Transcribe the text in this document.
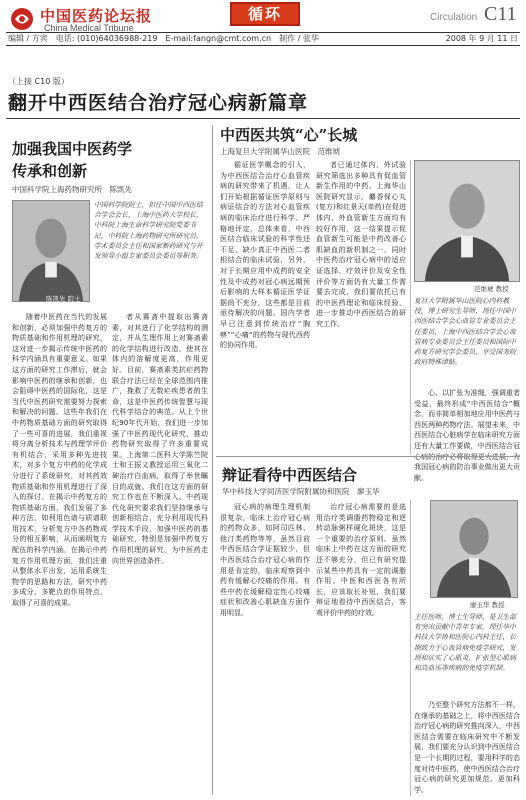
中国医药论坛报
China Medical Tribune
循环	Circulation C11
编辑 / 方宾　电话: (010)64036988-219　E-mail:fangn@cmt.com.cn　制作 / 张华	2008 年 9 月 11 日
（上接 C10 版）
翻开中西医结合治疗冠心病新篇章
加强我国中医药学
传承和创新
中国科学院上海药物研究所　陈凯先
陈凯先 院士
中国科学院院士，担任中国中西医结合学会会长，上海中医药大学校长，中科院上海生命科学研究院党委书记，中科院上海药物研究所研究员，学术委员会主任和国家新药研究与开发领导小组专家委员会委员等职务。
随着中医药在当代的发展和创新，必须加强中药复方的物质基础和作用机理的研究，这对进一步揭示传统中医药的科学内涵具有重要意义。如果这方面的研究工作滞后，就会影响中医药的继承和创新，也会阻碍中医药的国际化，这是当代中医药研究需要努力探索和解决的问题。这些年我们在中药物质基础方面的研究取得了一些可喜的进展，我们重视将分离分析技术与药理学评价有机结合，采用多种先进技术，对多个复方中药的化学成分进行了系统研究，对其药效物质基础和作用机理进行了深入的探讨。在揭示中药复方的物质基础方面，我们发展了多种方法，如利用色谱与质谱联用技术，分析复方中各药物成分的相互影响，从而阐明复方配伍的科学内涵。在揭示中药复方作用机理方面，我们注重从整体水平出发，运用系统生物学的思路和方法，研究中药多成分、多靶点的作用特点，取得了可喜的成果。
者从赛斋中提取出赛斋素，对其进行了化学结构的测定，并从生理作用上对赛斋素的化学结构进行改造，使其在体内的溶解度更高，作用更好。目前，赛斋素类抗疟药物联合疗法已经在全球范围内推广，挽救了无数疟疾患者的生命，这是中医药传统智慧与现代科学结合的典范。从上个世纪90年代开始，我们进一步加强了中医药现代化研究，推动药物研究取得了许多重要成果。上海第二医科大学陈竺院士和王振义教授运用三氧化二砷治疗白血病，取得了举世瞩目的成就。我们在这方面的研究工作也在不断深入。中药现代化研究要求我们坚持继承与创新相结合，充分利用现代科学技术手段，加强中医药的基础研究，特别是加强中药复方作用机理的研究，为中医药走向世界创造条件。
中西医共筑“心”长城
上海复旦大学附属华山医院　范维琥
循证医学概念的引入，为中西医结合治疗心血管疾病的研究带来了机遇，让人们开始根据循证医学原则与病证结合的方法对心血管疾病的临床治疗进行科学、严格地评定，总体来看，中西医结合临床试验的科学性还不足，缺少真正中西医二者相结合的临床试验，另外，对于长期应用中成药的安全性及中成药对冠心病远期预后影响的大样本循证医学证据尚不充分，这些都是目前亟待解决的问题。国内学者早已注意到传统治疗“胸痹”“心痛“的药物与现代西药的协同作用。
者已通过体内、外试验研究筛选出多种具有促血管新生作用的中药。上海华山医院研究显示，麝香保心丸(复方)和红景天(单药)在促进体内、外血管新生方面均有较好作用，这一结果提示促血管新生可能是中药改善心肌缺血的新机制之一，同时中医药治疗冠心病中的适应证选择、疗效评价及安全性评价等方面仍有大量工作需要去完成，我们要依托已有的中医药理论和临床经验，进一步推动中西医结合的研究工作。
范维琥 教授
复旦大学附属华山医院心内科教授，博士研究生导师，现任中国中西医结合学会心血管专业委员会主任委员，上海中西医结合学会心血管病专业委员会主任委员和国际中药复方研究学会委员，享受国务院政府特殊津贴。
心、以扩张为准绳，强调重者受益，最终形成“中西医结合”概念，而非简单相加地应用中医药与西医两种药物疗法。展望未来，中西医结合心脏病学在临床研究方面还有大量工作要做，中西医结合冠 我国冠心病的防治事业做出更大贡献。
辩证看待中西医结合
华中科技大学同济医学院附属协和医院　廖玉华
冠心病的病理生理机制很复杂，临床上治疗冠心病的药物众多，如阿司匹林、他汀类药物等等，虽然目前中西医结合学证据较少，但中西医结合治疗冠心病的作用是肯定的，临床观察到中药有缓解心绞痛的作用。有些中药在缓解稳定性心绞痛症状和改善心肌缺血方面作用明显。
治疗冠心病需要的是选用治疗类调脂药物稳定和逆转动脉粥样硬化斑块，这是一个重要的治疗原则。虽然临床上中药在这方面的研究还不够充分，但已有研究提示某些中药具有一定的调脂作用。中医和西医各有所长，应该取长补短，我们要辩证地看待中西医结合，客观评价中药的疗效。
廖玉华 教授
主任医师，博士生导师，是卫生部有突出贡献中青年专家，现任华中科技大学协和医院心内科主任，长期致力于心血管病免疫学研究，发现和证实了心肌炎、扩张型心肌病和高血压等疾病的免疫学机制。
乃至整个研究方法都不一样，在继承的基础之上，将中西医结合治疗冠心病的研究推向深入，中西医结合需要在临床研究中不断发展，我们要充分认识到中西医结合是一个长期的过程，要用科学的态度对待中医药，使中西医结合治疗冠心病的研究更加规范、更加科学。
